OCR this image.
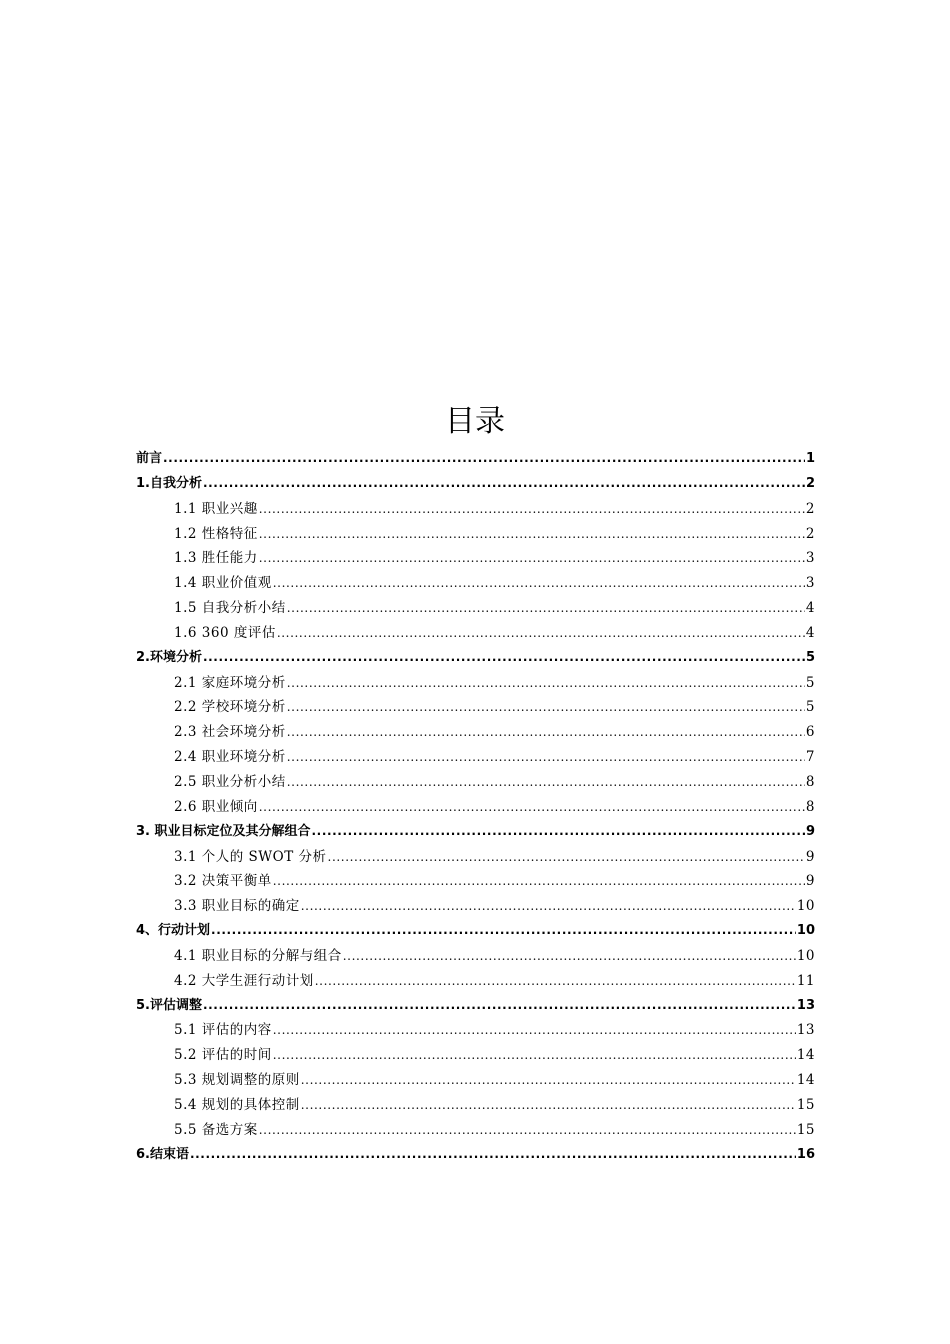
目录
前言 .....	1
1.自我分析 .....	2
1.1 职业兴趣 .....	2
1.2 性格特征 .....	2
1.3 胜任能力 .....	3
1.4 职业价值观 .....	3
1.5 自我分析小结 .....	4
1.6 360 度评估 .....	4
2.环境分析 .....	5
2.1 家庭环境分析 .....	5
2.2 学校环境分析 .....	5
2.3 社会环境分析 .....	6
2.4 职业环境分析 .....	7
2.5 职业分析小结 .....	8
2.6 职业倾向 .....	8
3. 职业目标定位及其分解组合 .....	9
3.1 个人的 SWOT 分析 .....	9
3.2 决策平衡单 .....	9
3.3 职业目标的确定 .....	10
4、行动计划 .....	10
4.1 职业目标的分解与组合 .....	10
4.2 大学生涯行动计划 .....	11
5.评估调整 .....	13
5.1 评估的内容 .....	13
5.2 评估的时间 .....	14
5.3 规划调整的原则 .....	14
5.4 规划的具体控制 .....	15
5.5 备选方案 .....	15
6.结束语 .....	16
